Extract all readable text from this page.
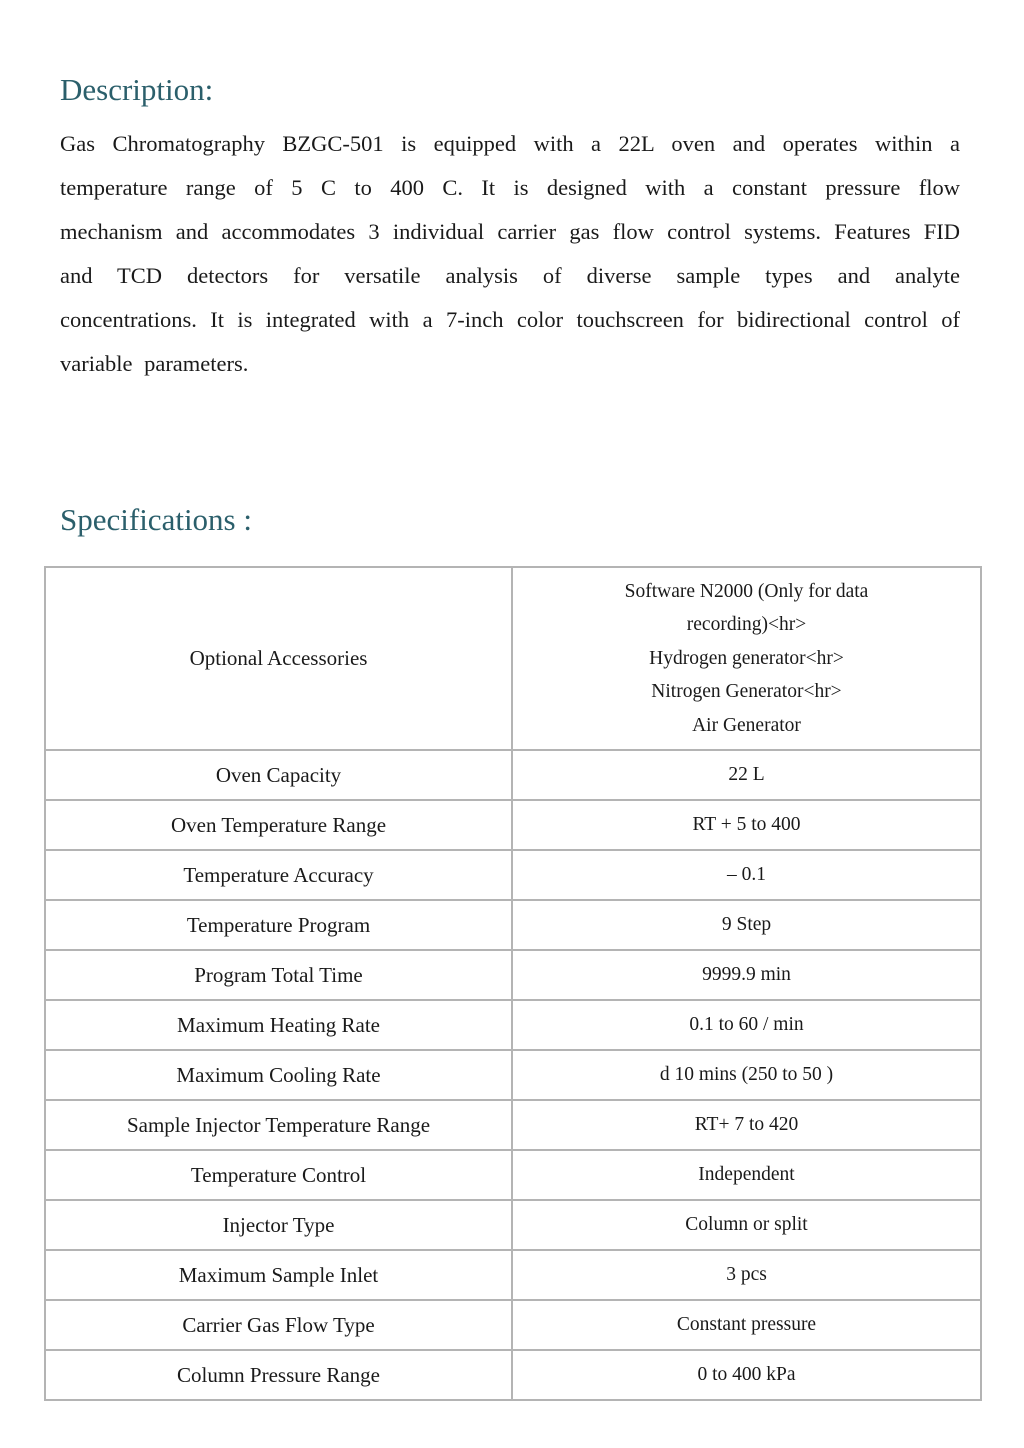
Description:

Gas Chromatography BZGC-501 is equipped with a 22L oven and operates within a temperature range of 5 C to 400 C. It is designed with a constant pressure flow mechanism and accommodates 3 individual carrier gas flow control systems. Features FID and TCD detectors for versatile analysis of diverse sample types and analyte concentrations. It is integrated with a 7-inch color touchscreen for bidirectional control of variable parameters.

Specifications :
Optional Accessories	Software N2000 (Only for data
recording)<hr>
Hydrogen generator<hr>
Nitrogen Generator<hr>
Air Generator

Oven Capacity	22 L
Oven Temperature Range	RT + 5 to 400
Temperature Accuracy	– 0.1
Temperature Program	9 Step
Program Total Time	9999.9 min
Maximum Heating Rate	0.1 to 60 / min
Maximum Cooling Rate	d 10 mins (250 to 50 )
Sample Injector Temperature Range	RT+ 7 to 420
Temperature Control	Independent
Injector Type	Column or split
Maximum Sample Inlet	3 pcs
Carrier Gas Flow Type	Constant pressure
Column Pressure Range	0 to 400 kPa
